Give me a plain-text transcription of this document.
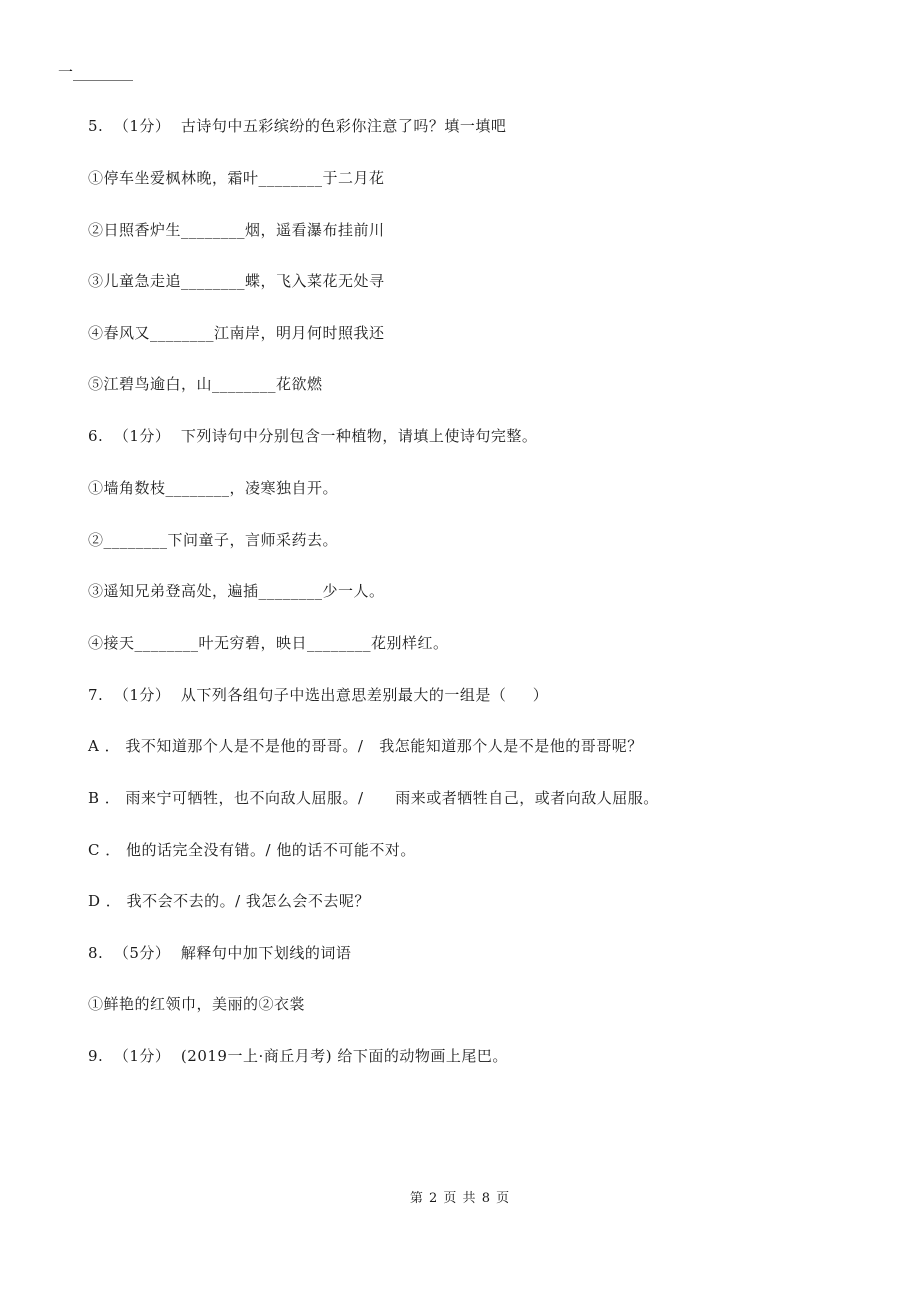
一________
5.  （1分）  古诗句中五彩缤纷的色彩你注意了吗？填一填吧
①停车坐爱枫林晚，霜叶________于二月花
②日照香炉生________烟，遥看瀑布挂前川
③儿童急走追________蝶，飞入菜花无处寻
④春风又________江南岸，明月何时照我还
⑤江碧鸟逾白，山________花欲燃
6.  （1分）  下列诗句中分别包含一种植物，请填上使诗句完整。
①墙角数枝________，凌寒独自开。
②________下问童子，言师采药去。
③遥知兄弟登高处，遍插________少一人。
④接天________叶无穷碧，映日________花别样红。
7.  （1分）  从下列各组句子中选出意思差别最大的一组是（     ）
A ． 我不知道那个人是不是他的哥哥。/   我怎能知道那个人是不是他的哥哥呢？
B ． 雨来宁可牺牲，也不向敌人屈服。/      雨来或者牺牲自己，或者向敌人屈服。
C ． 他的话完全没有错。/ 他的话不可能不对。
D ． 我不会不去的。/ 我怎么会不去呢？
8.  （5分）  解释句中加下划线的词语
①鲜艳的红领巾，美丽的②衣裳
9.  （1分）  (2019一上·商丘月考) 给下面的动物画上尾巴。
第 2 页 共 8 页
